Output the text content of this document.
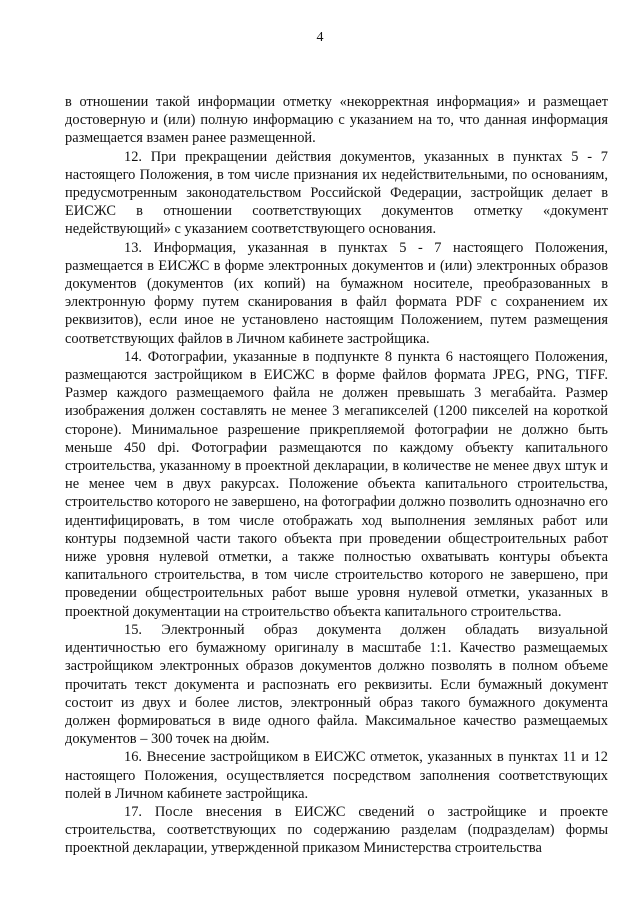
4

в отношении такой информации отметку «некорректная информация» и размещает достоверную и (или) полную информацию с указанием на то, что данная информация размещается взамен ранее размещенной.

12. При прекращении действия документов, указанных в пунктах 5 - 7 настоящего Положения, в том числе признания их недействительными, по основаниям, предусмотренным законодательством Российской Федерации, застройщик делает в ЕИСЖС в отношении соответствующих документов отметку «документ недействующий» с указанием соответствующего основания.

13. Информация, указанная в пунктах 5 - 7 настоящего Положения, размещается в ЕИСЖС в форме электронных документов и (или) электронных образов документов (документов (их копий) на бумажном носителе, преобразованных в электронную форму путем сканирования в файл формата PDF с сохранением их реквизитов), если иное не установлено настоящим Положением, путем размещения соответствующих файлов в Личном кабинете застройщика.

14. Фотографии, указанные в подпункте 8 пункта 6 настоящего Положения, размещаются застройщиком в ЕИСЖС в форме файлов формата JPEG, PNG, TIFF. Размер каждого размещаемого файла не должен превышать 3 мегабайта. Размер изображения должен составлять не менее 3 мегапикселей (1200 пикселей на короткой стороне). Минимальное разрешение прикрепляемой фотографии не должно быть меньше 450 dpi. Фотографии размещаются по каждому объекту капитального строительства, указанному в проектной декларации, в количестве не менее двух штук и не менее чем в двух ракурсах. Положение объекта капитального строительства, строительство которого не завершено, на фотографии должно позволить однозначно его идентифицировать, в том числе отображать ход выполнения земляных работ или контуры подземной части такого объекта при проведении общестроительных работ ниже уровня нулевой отметки, а также полностью охватывать контуры объекта капитального строительства, в том числе строительство которого не завершено, при проведении общестроительных работ выше уровня нулевой отметки, указанных в проектной документации на строительство объекта капитального строительства.

15. Электронный образ документа должен обладать визуальной идентичностью его бумажному оригиналу в масштабе 1:1. Качество размещаемых застройщиком электронных образов документов должно позволять в полном объеме прочитать текст документа и распознать его реквизиты. Если бумажный документ состоит из двух и более листов, электронный образ такого бумажного документа должен формироваться в виде одного файла. Максимальное качество размещаемых документов – 300 точек на дюйм.

16. Внесение застройщиком в ЕИСЖС отметок, указанных в пунктах 11 и 12 настоящего Положения, осуществляется посредством заполнения соответствующих полей в Личном кабинете застройщика.

17. После внесения в ЕИСЖС сведений о застройщике и проекте строительства, соответствующих по содержанию разделам (подразделам) формы проектной декларации, утвержденной приказом Министерства строительства
